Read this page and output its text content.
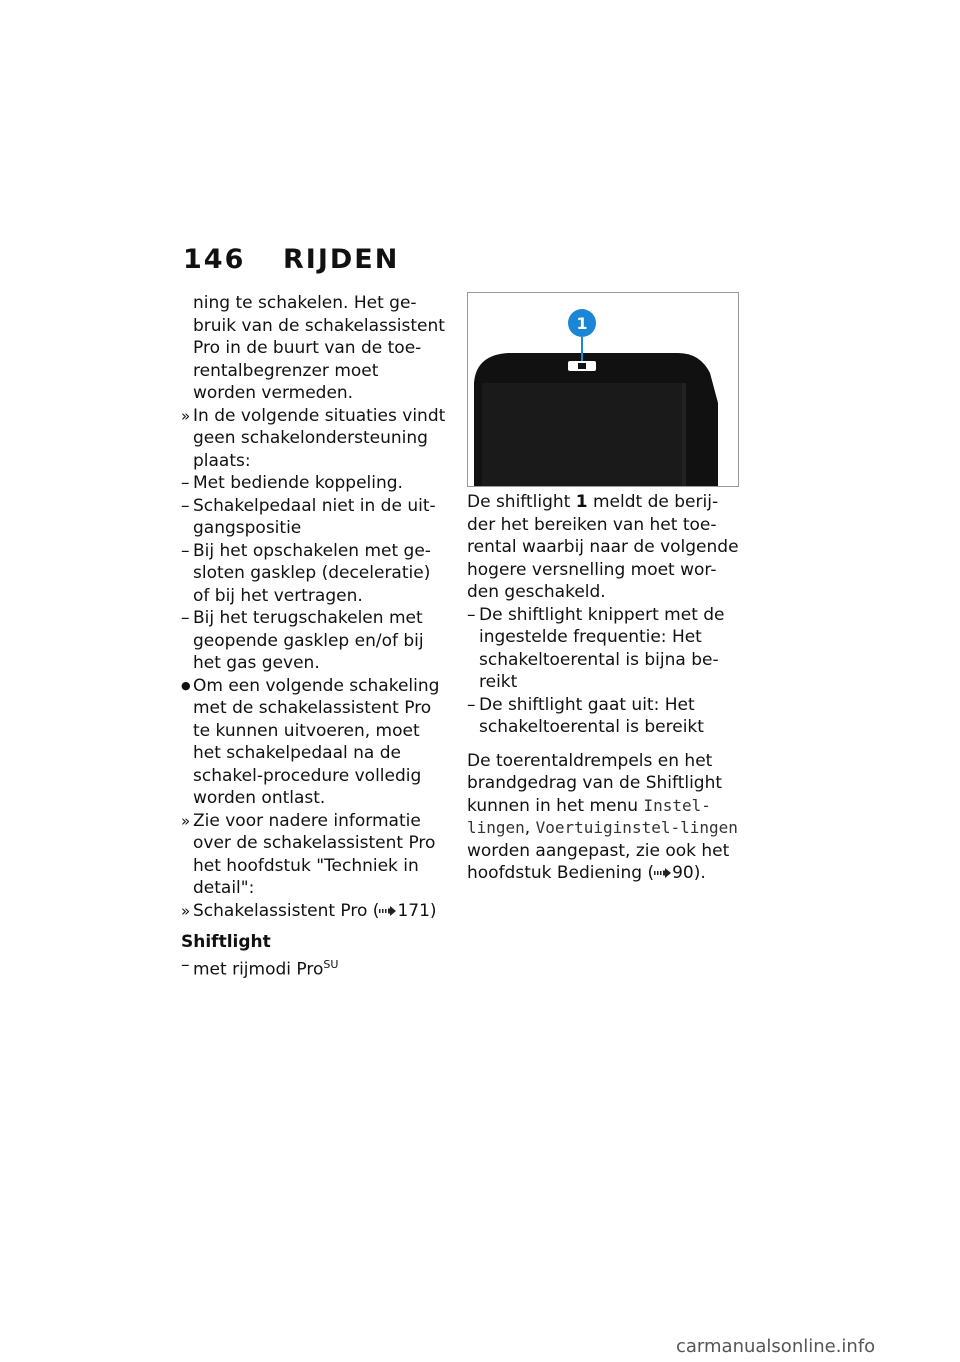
146	RIJDEN
ning te schakelen. Het ge-bruik van de schakelassistent Pro in de buurt van de toe-rentalbegrenzer moet worden vermeden.
» In de volgende situaties vindt geen schakelondersteuning plaats:
– Met bediende koppeling.
– Schakelpedaal niet in de uit-gangspositie
– Bij het opschakelen met ge-sloten gasklep (deceleratie) of bij het vertragen.
– Bij het terugschakelen met geopende gasklep en/of bij het gas geven.
● Om een volgende schakeling met de schakelassistent Pro te kunnen uitvoeren, moet het schakelpedaal na de schakel-procedure volledig worden ontlast.
» Zie voor nadere informatie over de schakelassistent Pro het hoofdstuk "Techniek in detail":
» Schakelassistent Pro ( 171)
Shiftlight
– met rijmodi Pro$^{SU}$
1
De shiftlight 1 meldt de berij-der het bereiken van het toe-rental waarbij naar de volgende hogere versnelling moet wor-den geschakeld.
– De shiftlight knippert met de ingestelde frequentie: Het schakeltoerental is bijna be-reikt
– De shiftlight gaat uit: Het schakeltoerental is bereikt
De toerentaldrempels en het brandgedrag van de Shiftlight kunnen in het menu Instel-lingen, Voertuiginstel-lingen worden aangepast, zie ook het hoofdstuk Bediening ( 90).
carmanualsonline.info
